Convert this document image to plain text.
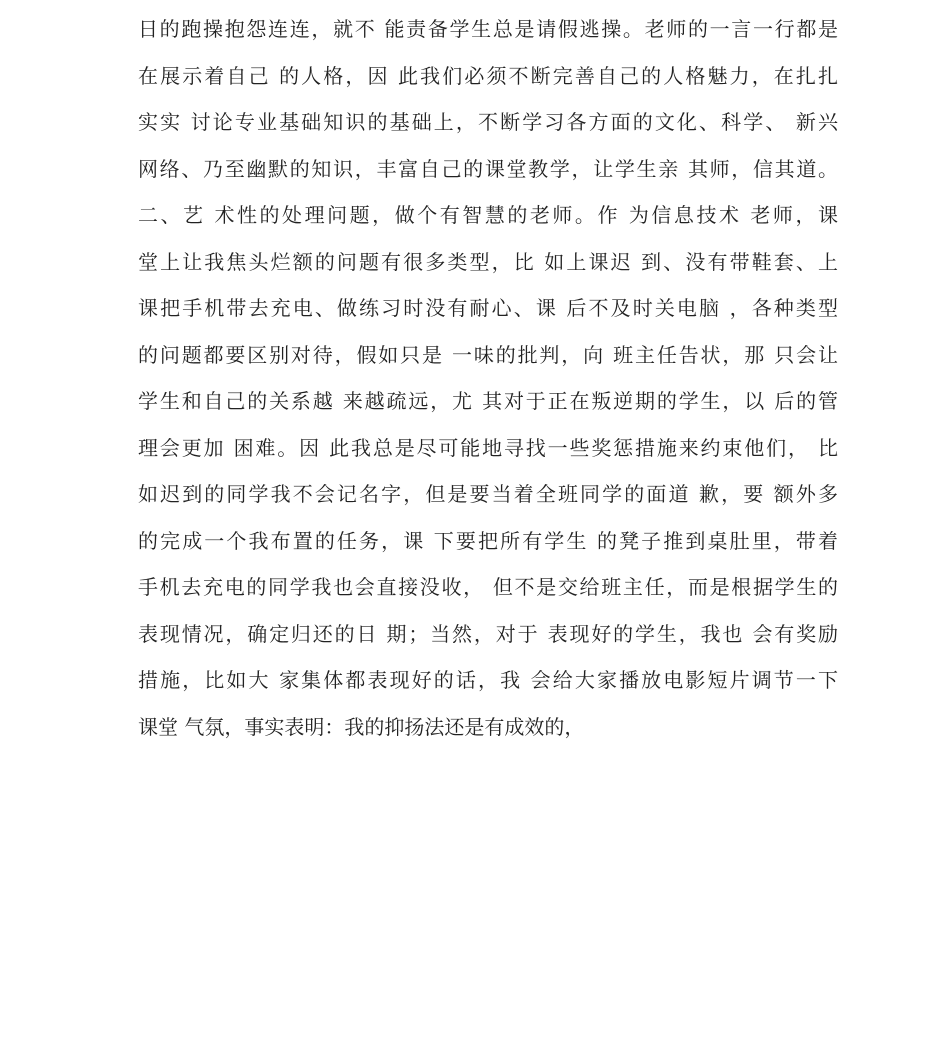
日的跑操抱怨连连，就不 能责备学生总是请假逃操。老师的一言一行都是
在展示着自己 的人格，因 此我们必须不断完善自己的人格魅力，在扎扎
实实 讨论专业基础知识的基础上，不断学习各方面的文化、科学、 新兴
网络、乃至幽默的知识，丰富自己的课堂教学，让学生亲 其师，信其道。
二、艺 术性的处理问题，做个有智慧的老师。作 为信息技术 老师，课
堂上让我焦头烂额的问题有很多类型，比 如上课迟 到、没有带鞋套、上
课把手机带去充电、做练习时没有耐心、课 后不及时关电脑 ，各种类型
的问题都要区别对待，假如只是 一味的批判，向 班主任告状，那 只会让
学生和自己的关系越 来越疏远，尤 其对于正在叛逆期的学生，以 后的管
理会更加 困难。因 此我总是尽可能地寻找一些奖惩措施来约束他们， 比
如迟到的同学我不会记名字，但是要当着全班同学的面道 歉，要 额外多
的完成一个我布置的任务，课 下要把所有学生 的凳子推到桌肚里，带着
手机去充电的同学我也会直接没收， 但不是交给班主任，而是根据学生的
表现情况，确定归还的日 期；当然，对于 表现好的学生，我也 会有奖励
措施，比如大 家集体都表现好的话，我 会给大家播放电影短片调节一下
课堂 气氛，事实表明：我的抑扬法还是有成效的，
